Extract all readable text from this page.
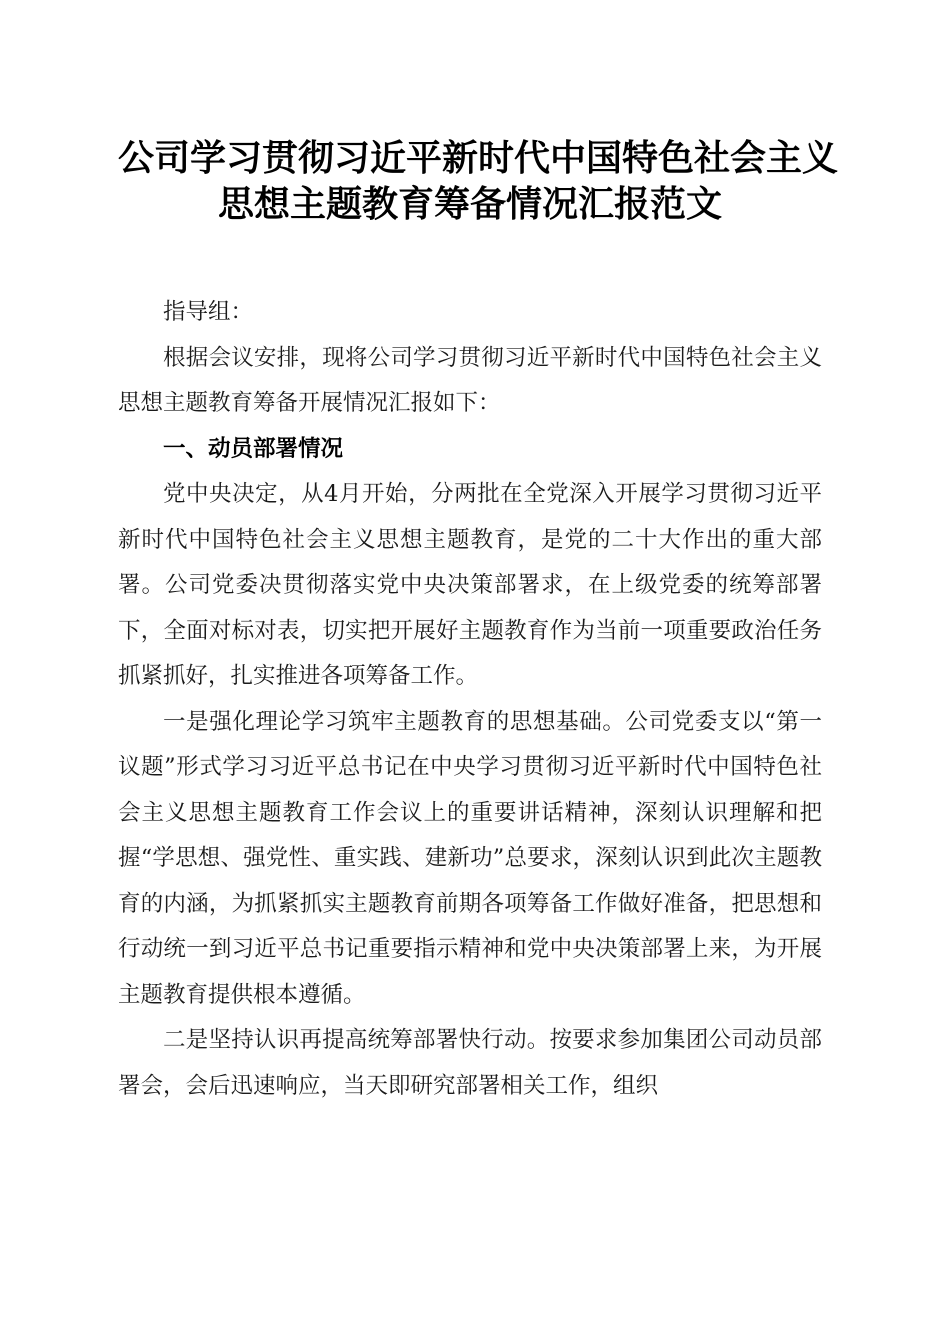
公司学习贯彻习近平新时代中国特色社会主义
思想主题教育筹备情况汇报范文

指导组：

根据会议安排，现将公司学习贯彻习近平新时代中国特色社会主义思想主题教育筹备开展情况汇报如下：

一、动员部署情况

党中央决定，从4月开始，分两批在全党深入开展学习贯彻习近平新时代中国特色社会主义思想主题教育，是党的二十大作出的重大部署。公司党委决贯彻落实党中央决策部署求，在上级党委的统筹部署下，全面对标对表，切实把开展好主题教育作为当前一项重要政治任务抓紧抓好，扎实推进各项筹备工作。

一是强化理论学习筑牢主题教育的思想基础。公司党委支以“第一议题”形式学习习近平总书记在中央学习贯彻习近平新时代中国特色社会主义思想主题教育工作会议上的重要讲话精神，深刻认识理解和把握“学思想、强党性、重实践、建新功”总要求，深刻认识到此次主题教育的内涵，为抓紧抓实主题教育前期各项筹备工作做好准备，把思想和行动统一到习近平总书记重要指示精神和党中央决策部署上来，为开展主题教育提供根本遵循。

二是坚持认识再提高统筹部署快行动。按要求参加集团公司动员部署会，会后迅速响应，当天即研究部署相关工作，组织
